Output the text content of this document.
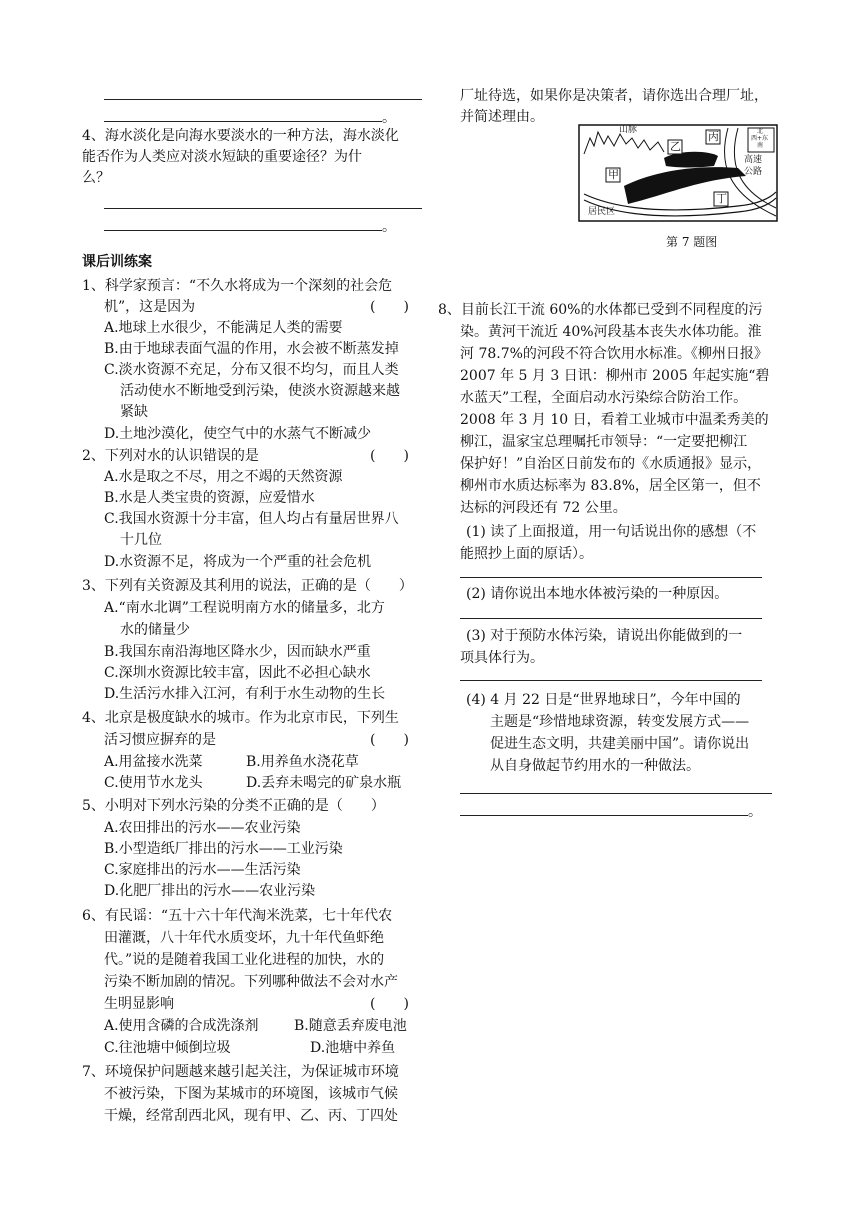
。
4、海水淡化是向海水要淡水的一种方法，海水淡化
能否作为人类应对淡水短缺的重要途径？为什
么？
。
课后训练案
1、科学家预言：“不久水将成为一个深刻的社会危
机”，这是因为	(　　)
A.地球上水很少，不能满足人类的需要
B.由于地球表面气温的作用，水会被不断蒸发掉
C.淡水资源不充足，分布又很不均匀，而且人类
活动使水不断地受到污染，使淡水资源越来越
紧缺
D.土地沙漠化，使空气中的水蒸气不断减少
2、下列对水的认识错误的是	(　　)
A.水是取之不尽，用之不竭的天然资源
B.水是人类宝贵的资源，应爱惜水
C.我国水资源十分丰富，但人均占有量居世界八
十几位
D.水资源不足，将成为一个严重的社会危机
3、下列有关资源及其利用的说法，正确的是（　　）
A.“南水北调”工程说明南方水的储量多，北方
水的储量少
B.我国东南沿海地区降水少，因而缺水严重
C.深圳水资源比较丰富，因此不必担心缺水
D.生活污水排入江河，有利于水生动物的生长
4、北京是极度缺水的城市。作为北京市民，下列生
活习惯应摒弃的是	(　　)
A.用盆接水洗菜	B.用养鱼水浇花草
C.使用节水龙头	D.丢弃未喝完的矿泉水瓶
5、小明对下列水污染的分类不正确的是（　　）
A.农田排出的污水——农业污染
B.小型造纸厂排出的污水——工业污染
C.家庭排出的污水——生活污染
D.化肥厂排出的污水——农业污染
6、有民谣：“五十六十年代淘米洗菜，七十年代农
田灌溉，八十年代水质变坏，九十年代鱼虾绝
代。”说的是随着我国工业化进程的加快，水的
污染不断加剧的情况。下列哪种做法不会对水产
生明显影响	(　　)
A.使用含磷的合成洗涤剂	B.随意丢弃废电池
C.往池塘中倾倒垃圾	D.池塘中养鱼
7、环境保护问题越来越引起关注，为保证城市环境
不被污染，下图为某城市的环境图，该城市气候
干燥，经常刮西北风，现有甲、乙、丙、丁四处
厂址待选，如果你是决策者，请你选出合理厂址，
并简述理由。
山脉
乙
丙
甲
丁
居民区
高速
公路
北
西+东
南
第 7 题图
8、目前长江干流 60%的水体都已受到不同程度的污
染。黄河干流近 40%河段基本丧失水体功能。淮
河 78.7%的河段不符合饮用水标准。《柳州日报》
2007 年 5 月 3 日讯：柳州市 2005 年起实施“碧
水蓝天”工程，全面启动水污染综合防治工作。
2008 年 3 月 10 日，看着工业城市中温柔秀美的
柳江，温家宝总理嘱托市领导：“一定要把柳江
保护好！”自治区日前发布的《水质通报》显示，
柳州市水质达标率为 83.8%，居全区第一，但不
达标的河段还有 72 公里。
(1) 读了上面报道，用一句话说出你的感想（不
能照抄上面的原话）。
(2) 请你说出本地水体被污染的一种原因。
(3) 对于预防水体污染，请说出你能做到的一
项具体行为。
(4) 4 月 22 日是“世界地球日”，今年中国的
主题是“珍惜地球资源，转变发展方式——
促进生态文明，共建美丽中国”。请你说出
从自身做起节约用水的一种做法。
。
